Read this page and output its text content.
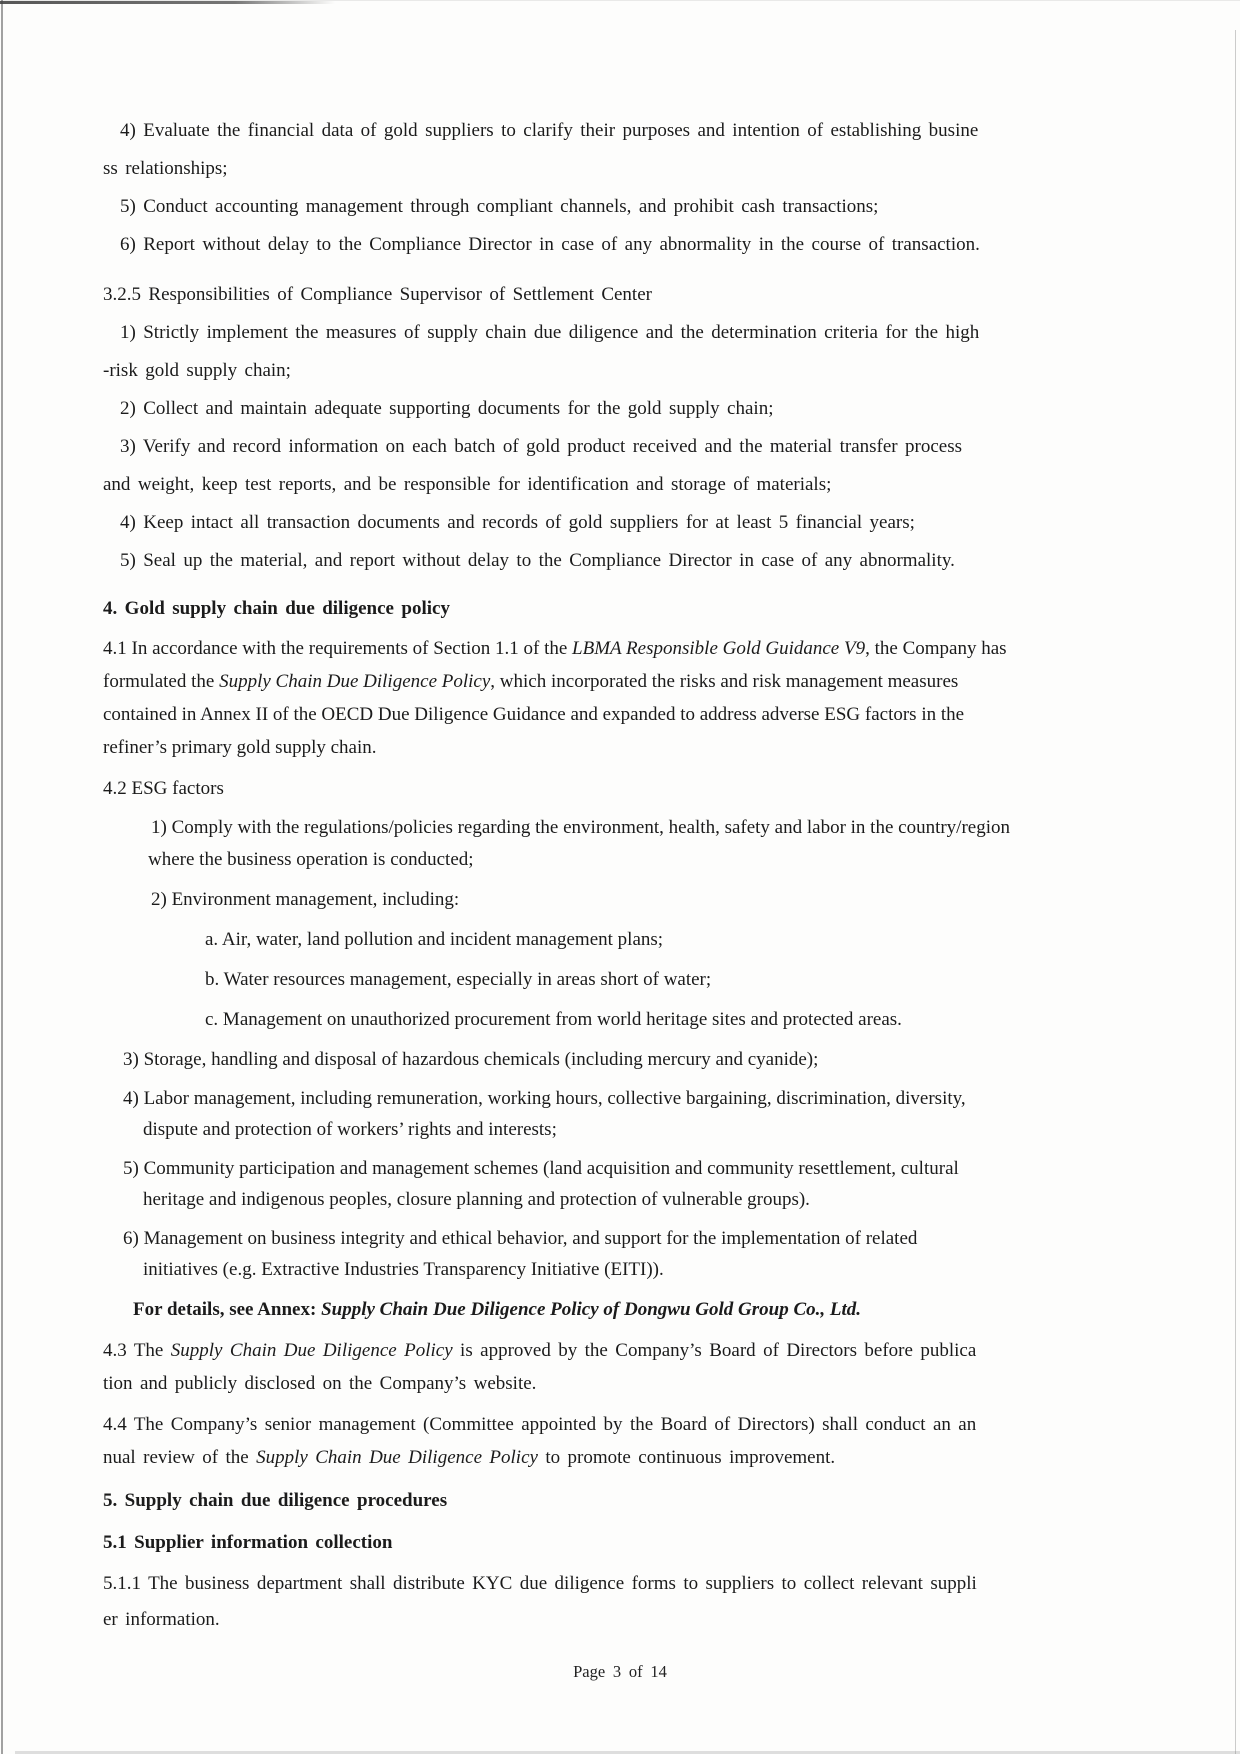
4) Evaluate the financial data of gold suppliers to clarify their purposes and intention of establishing busine
ss relationships;
5) Conduct accounting management through compliant channels, and prohibit cash transactions;
6) Report without delay to the Compliance Director in case of any abnormality in the course of transaction.
3.2.5 Responsibilities of Compliance Supervisor of Settlement Center
1) Strictly implement the measures of supply chain due diligence and the determination criteria for the high
-risk gold supply chain;
2) Collect and maintain adequate supporting documents for the gold supply chain;
3) Verify and record information on each batch of gold product received and the material transfer process
and weight, keep test reports, and be responsible for identification and storage of materials;
4) Keep intact all transaction documents and records of gold suppliers for at least 5 financial years;
5) Seal up the material, and report without delay to the Compliance Director in case of any abnormality.
4. Gold supply chain due diligence policy
4.1 In accordance with the requirements of Section 1.1 of the LBMA Responsible Gold Guidance V9, the Company has
formulated the Supply Chain Due Diligence Policy, which incorporated the risks and risk management measures
contained in Annex II of the OECD Due Diligence Guidance and expanded to address adverse ESG factors in the
refiner’s primary gold supply chain.
4.2 ESG factors
1) Comply with the regulations/policies regarding the environment, health, safety and labor in the country/region
where the business operation is conducted;
2) Environment management, including:
a. Air, water, land pollution and incident management plans;
b. Water resources management, especially in areas short of water;
c. Management on unauthorized procurement from world heritage sites and protected areas.
3) Storage, handling and disposal of hazardous chemicals (including mercury and cyanide);
4) Labor management, including remuneration, working hours, collective bargaining, discrimination, diversity,
dispute and protection of workers’ rights and interests;
5) Community participation and management schemes (land acquisition and community resettlement, cultural
heritage and indigenous peoples, closure planning and protection of vulnerable groups).
6) Management on business integrity and ethical behavior, and support for the implementation of related
initiatives (e.g. Extractive Industries Transparency Initiative (EITI)).
For details, see Annex: Supply Chain Due Diligence Policy of Dongwu Gold Group Co., Ltd.
4.3 The Supply Chain Due Diligence Policy is approved by the Company’s Board of Directors before publica
tion and publicly disclosed on the Company’s website.
4.4 The Company’s senior management (Committee appointed by the Board of Directors) shall conduct an an
nual review of the Supply Chain Due Diligence Policy to promote continuous improvement.
5. Supply chain due diligence procedures
5.1 Supplier information collection
5.1.1 The business department shall distribute KYC due diligence forms to suppliers to collect relevant suppli
er information.
Page 3 of 14
